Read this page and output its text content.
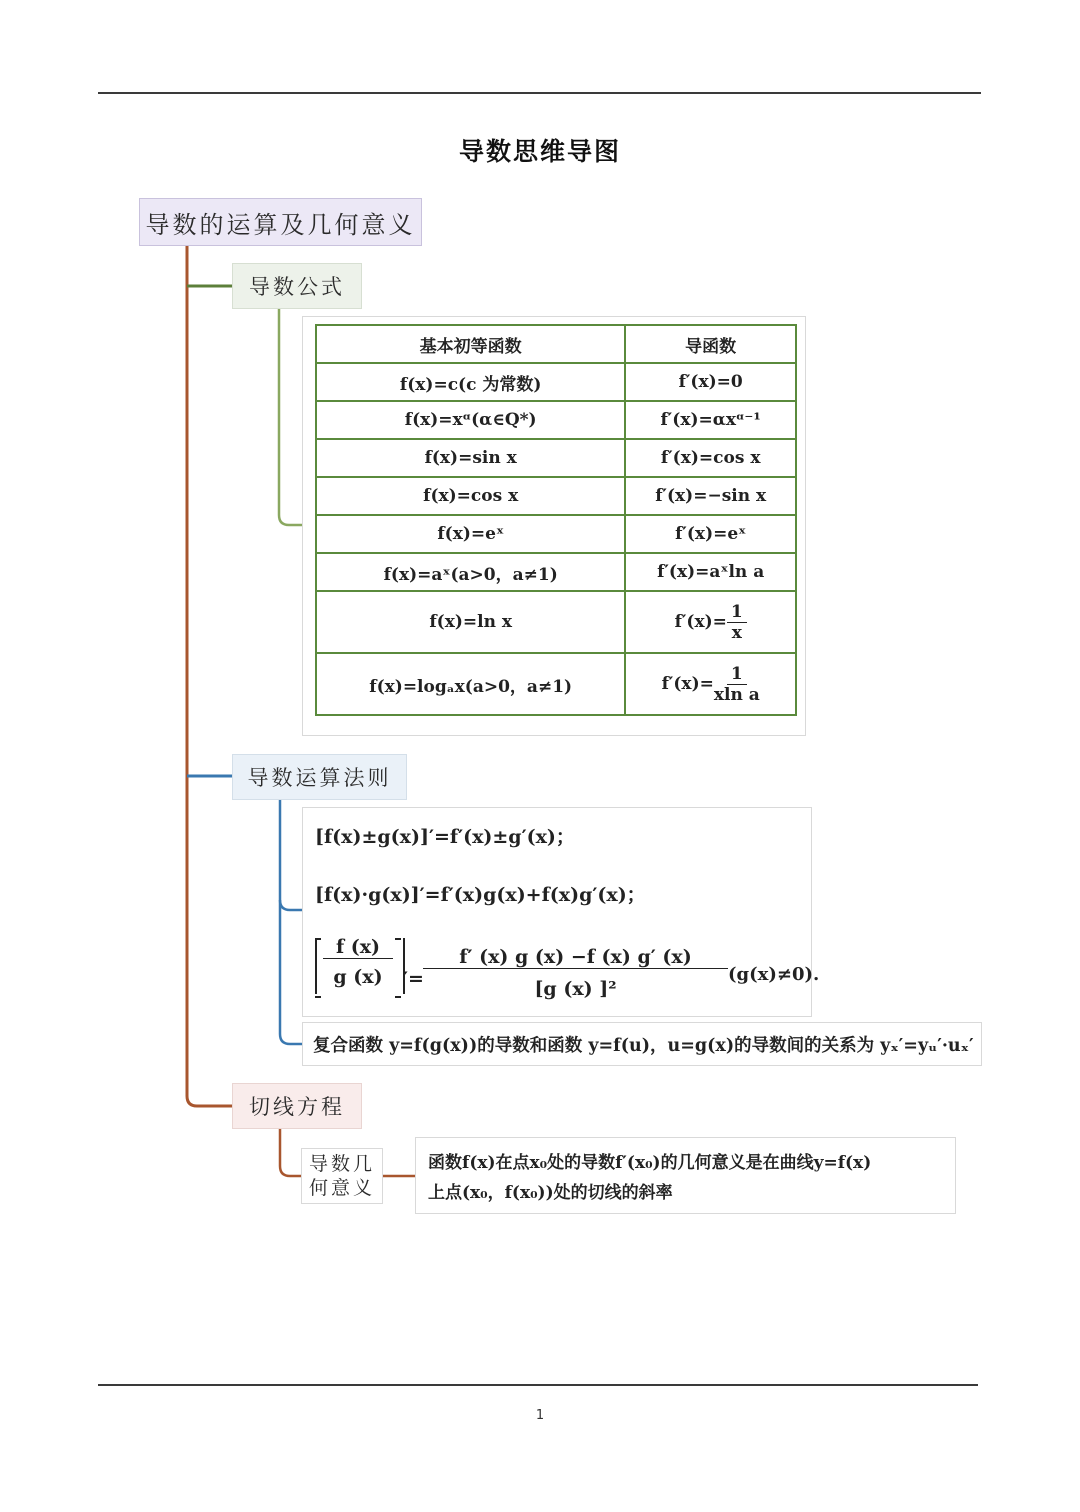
导数思维导图
导数的运算及几何意义
导数公式
导数运算法则
切线方程
导数几
何意义
基本初等函数	导函数
f(x)=c(c 为常数)	f′(x)=0
f(x)=xᵅ(α∈Q*)	f′(x)=αxᵅ⁻¹
f(x)=sin x	f′(x)=cos x
f(x)=cos x	f′(x)=−sin x
f(x)=eˣ	f′(x)=eˣ
f(x)=aˣ(a>0，a≠1)	f′(x)=aˣln a
f(x)=ln x	$f'(x)= \frac{1}{x}$

f(x)=logₐx(a>0，a≠1)	$f'(x)= \frac{1}{\text{xln a}}$
[f(x)±g(x)]′=f′(x)±g′(x)；
[f(x)·g(x)]′=f′(x)g(x)+f(x)g′(x)；
f (x)
g (x)	′=
f′ (x) g (x) −f (x) g′ (x)
[g (x) ]²
(g(x)≠0).
复合函数 y=f(g(x))的导数和函数 y=f(u)，u=g(x)的导数间的关系为 yₓ′=yᵤ′·uₓ′
函数f(x)在点x₀处的导数f′(x₀)的几何意义是在曲线y=f(x)
上点(x₀，f(x₀))处的切线的斜率
1
